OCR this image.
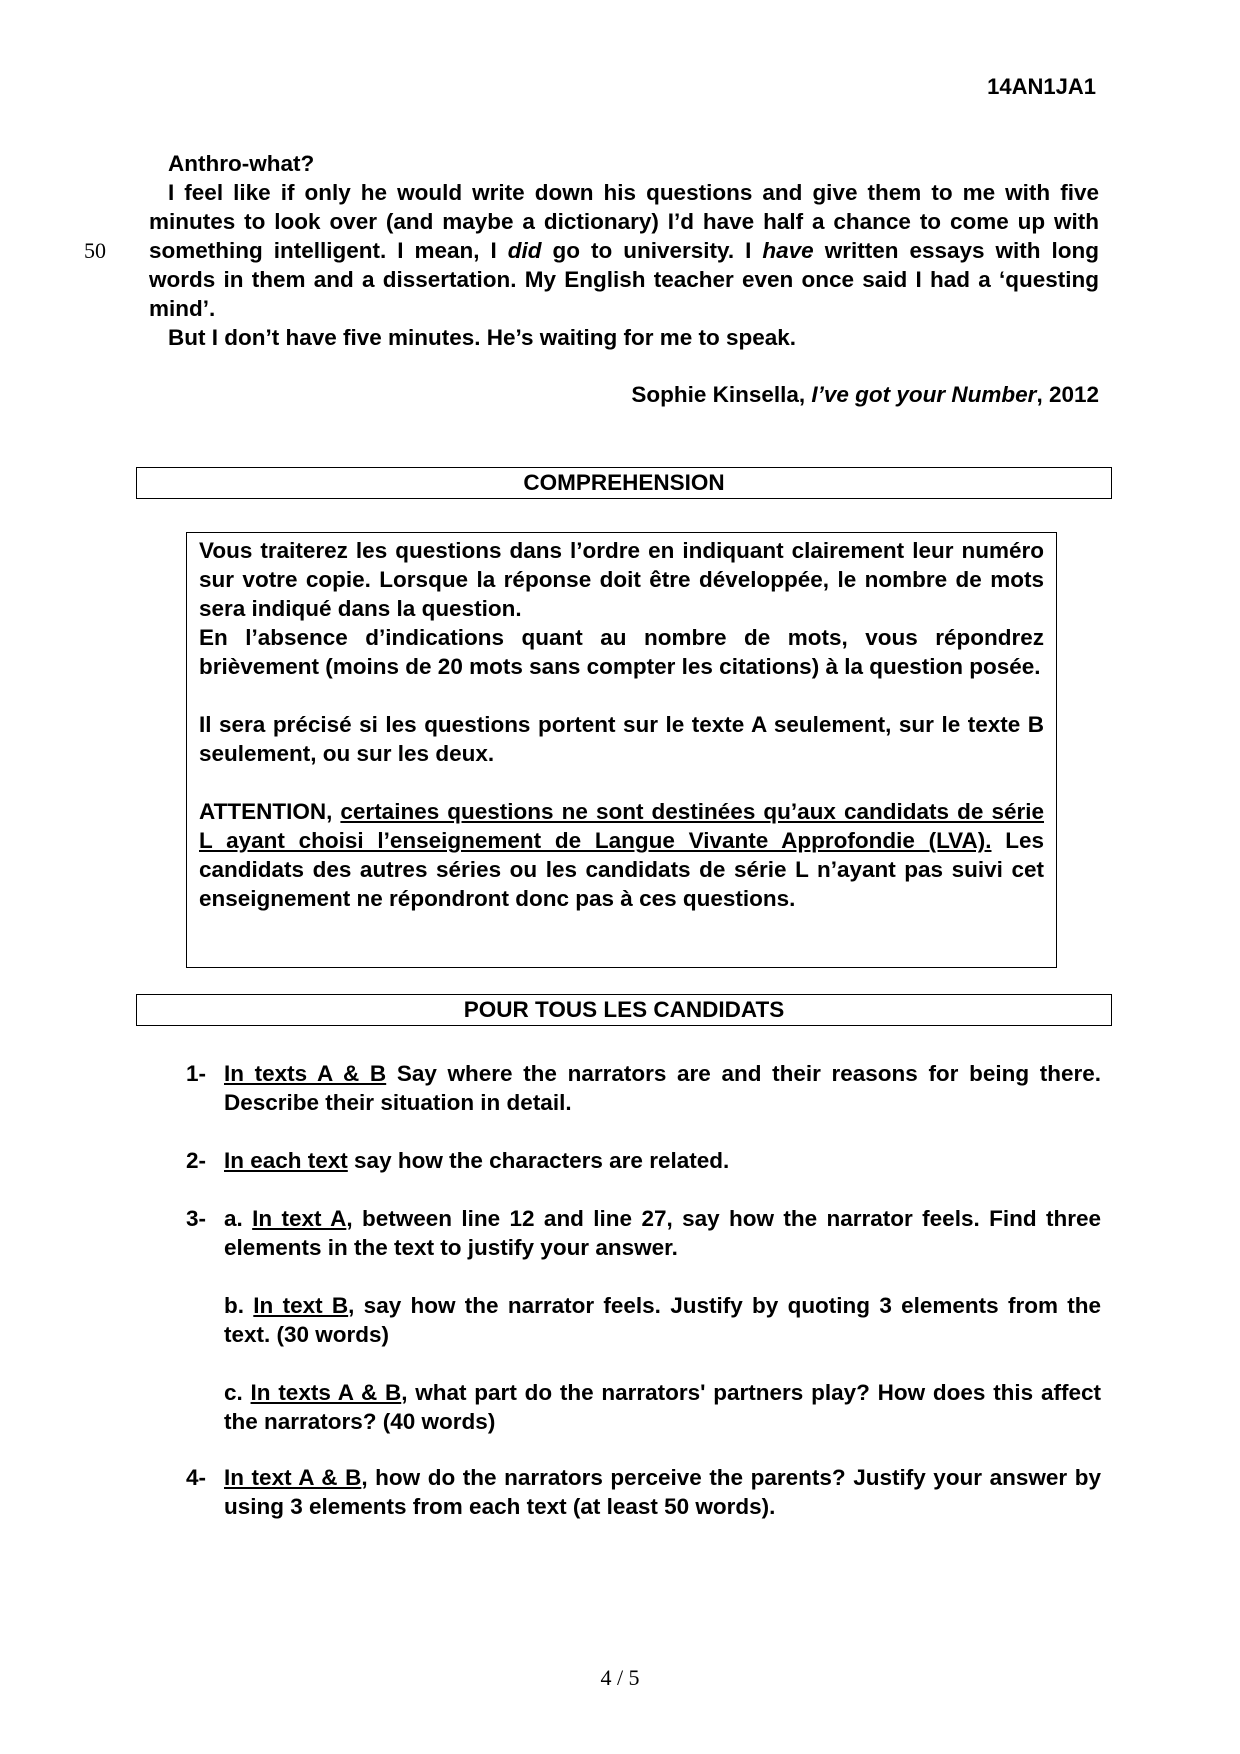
14AN1JA1

Anthro-what?

I feel like if only he would write down his questions and give them to me with five minutes to look over (and maybe a dictionary) I’d have half a chance to come up with something intelligent. I mean, I did go to university. I have written essays with long words in them and a dissertation. My English teacher even once said I had a ‘questing mind’.

But I don’t have five minutes. He’s waiting for me to speak.

50
Sophie Kinsella, I’ve got your Number, 2012
COMPREHENSION

Vous traiterez les questions dans l’ordre en indiquant clairement leur numéro sur votre copie. Lorsque la réponse doit être développée, le nombre de mots sera indiqué dans la question.

En l’absence d’indications quant au nombre de mots, vous répondrez brièvement (moins de 20 mots sans compter les citations) à la question posée.

Il sera précisé si les questions portent sur le texte A seulement, sur le texte B seulement, ou sur les deux.

ATTENTION, certaines questions ne sont destinées qu’aux candidats de série L ayant choisi l’enseignement de Langue Vivante Approfondie (LVA). Les candidats des autres séries ou les candidats de série L n’ayant pas suivi cet enseignement ne répondront donc pas à ces questions.

POUR TOUS LES CANDIDATS
1- In texts A & B Say where the narrators are and their reasons for being there. Describe their situation in detail.
2- In each text say how the characters are related.
3- a. In text A, between line 12 and line 27, say how the narrator feels. Find three elements in the text to justify your answer.

b. In text B, say how the narrator feels. Justify by quoting 3 elements from the text. (30 words)

c. In texts A & B, what part do the narrators' partners play? How does this affect the narrators? (40 words)

4- In text A & B, how do the narrators perceive the parents? Justify your answer by using 3 elements from each text (at least 50 words).
4 / 5
